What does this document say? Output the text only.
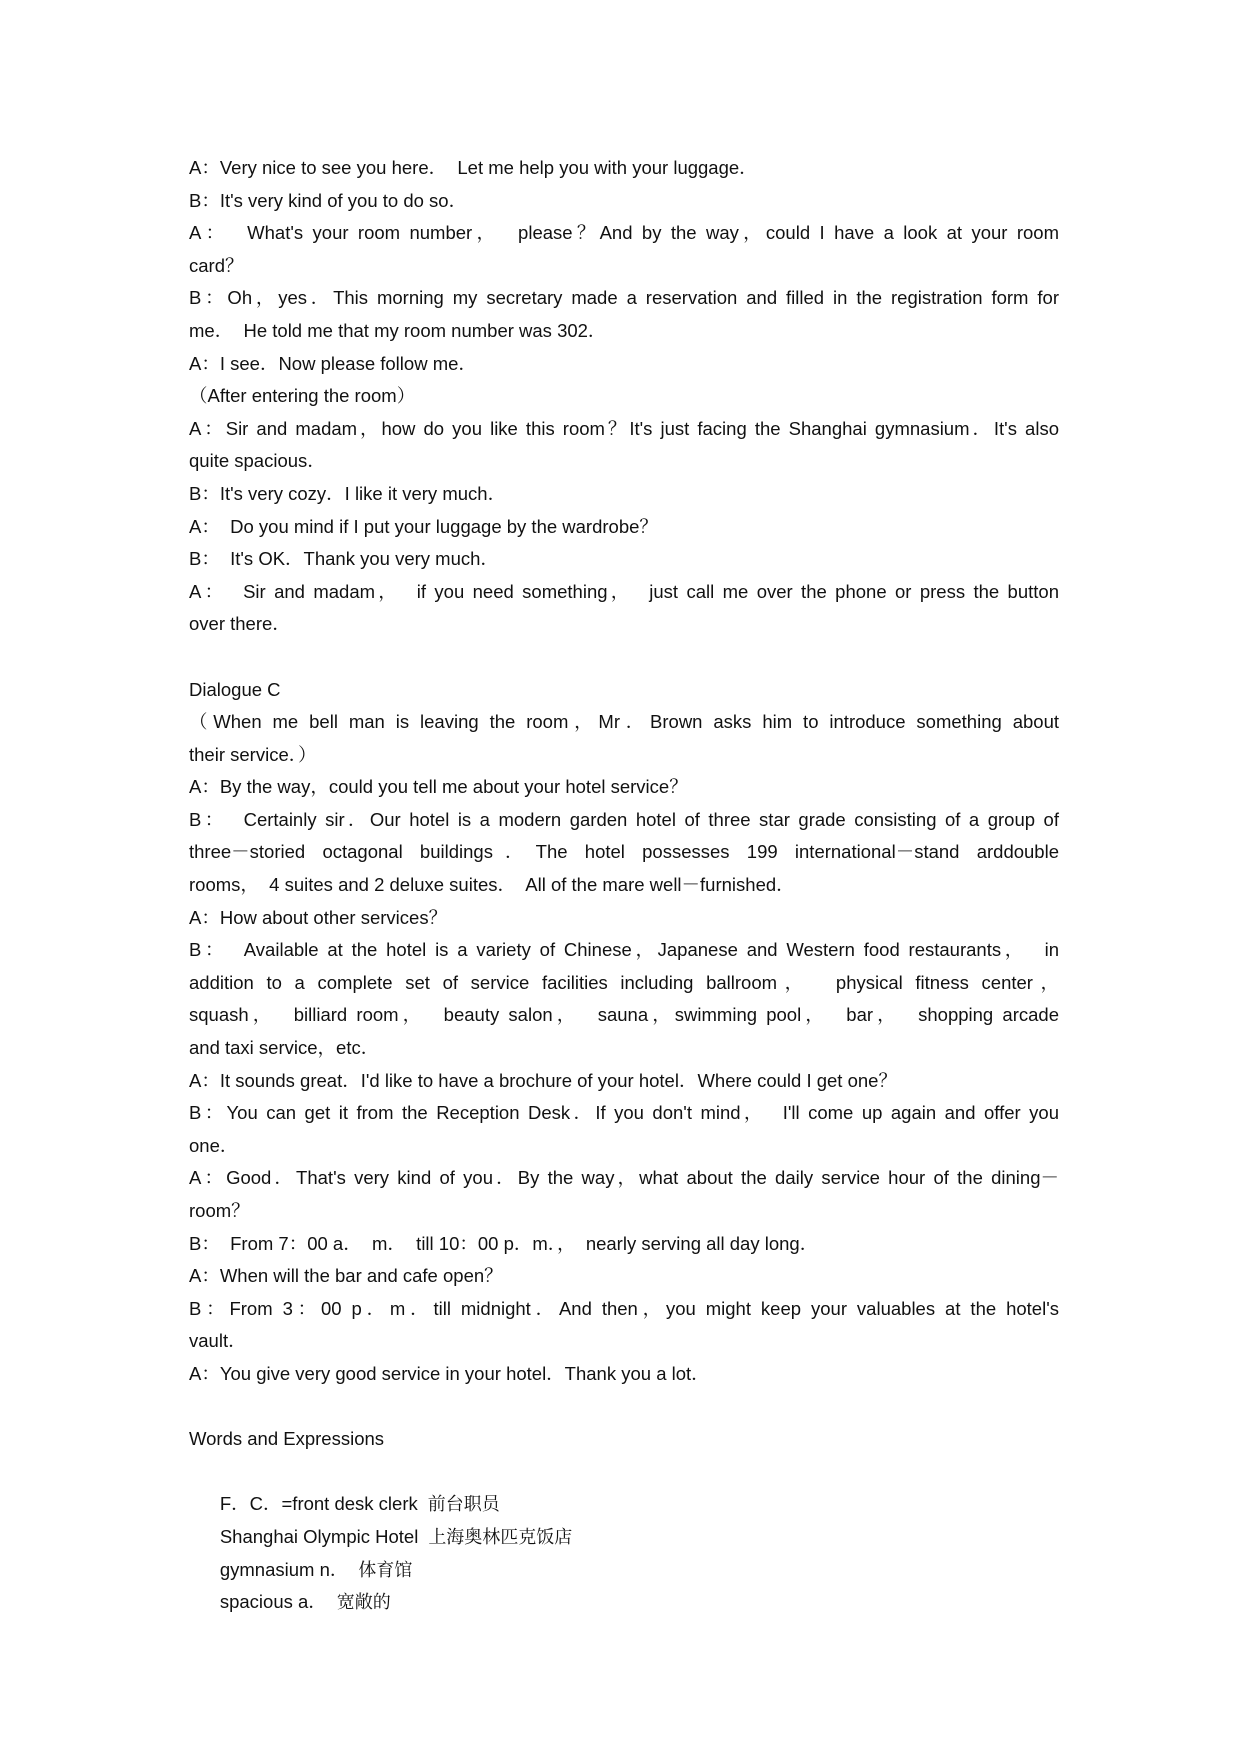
A：Very nice to see you here．  Let me help you with your luggage．
B：It's very kind of you to do so．
A：  What's your room number，  please？And by the way，could I have a look at your room
card？
B：Oh，yes．This morning my secretary made a reservation and filled in the registration form for
me．  He told me that my room number was 302．
A：I see．Now please follow me．
（After entering the room）
A：Sir and madam，how do you like this room？It's just facing the Shanghai gymnasium．It's also
quite spacious．
B：It's very cozy．I like it very much．
A：  Do you mind if I put your luggage by the wardrobe？
B：  It's OK．Thank you very much．
A：  Sir and madam，  if you need something，  just call me over the phone or press the button
over there．
Dialogue C
（When me bell man is leaving the room，Mr．Brown asks him to introduce something about
their service．）
A：By the way，could you tell me about your hotel service？
B：  Certainly sir．Our hotel is a modern garden hotel of three star grade consisting of a group of
three－storied octagonal buildings．The hotel possesses 199 international－stand arddouble
rooms，  4 suites and 2 deluxe suites．  All of the mare well－furnished．
A：How about other services？
B：  Available at the hotel is a variety of Chinese，Japanese and Western food restaurants，  in
addition to a complete set of service facilities including ballroom，  physical fitness center，
squash，  billiard room，  beauty salon，  sauna，swimming pool，  bar，  shopping arcade
and taxi service，etc．
A：It sounds great．I'd like to have a brochure of your hotel．Where could I get one？
B：You can get it from the Reception Desk．If you don't mind，  I'll come up again and offer you
one．
A：Good．That's very kind of you．By the way，what about the daily service hour of the dining－
room？
B：  From 7：00 a．  m．  till 10：00 p．m．，  nearly serving all day long．
A：When will the bar and cafe open？
B：From 3：00 p．m．till midnight．And then，you might keep your valuables at the hotel's
vault．
A：You give very good service in your hotel．Thank you a lot．
Words and Expressions

F．C．=front desk clerk 前台职员

Shanghai Olympic Hotel 上海奥林匹克饭店

gymnasium n． 体育馆

spacious a． 宽敞的
